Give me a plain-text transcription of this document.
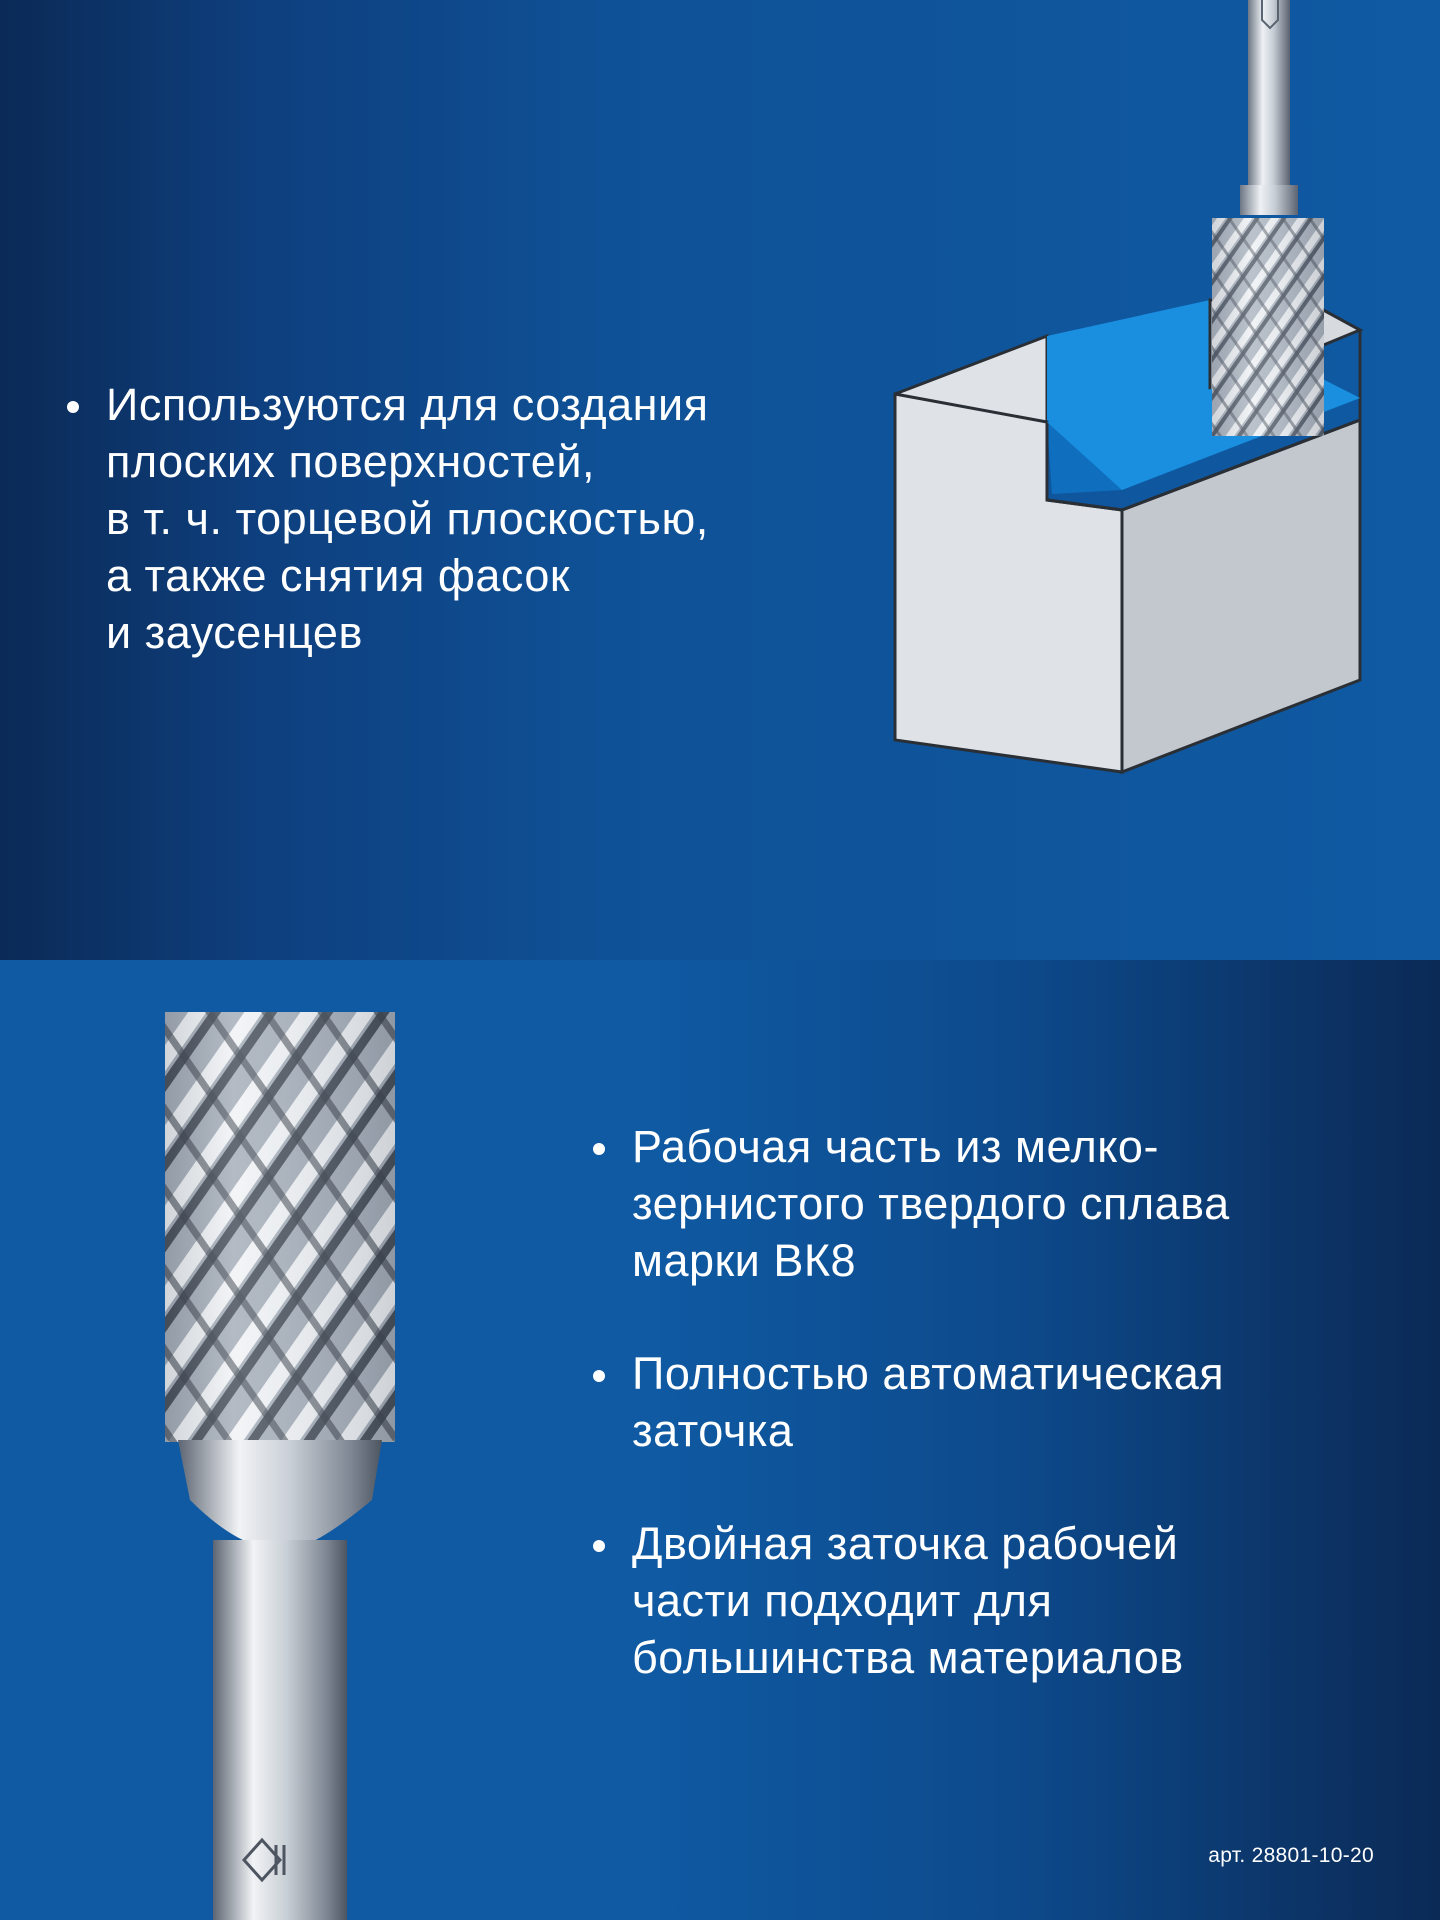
Используются для создания
плоских поверхностей,
в т. ч. торцевой плоскостью,
а также снятия фасок
и заусенцев
Рабочая часть из мелко-
зернистого твердого сплава
марки ВК8
Полностью автоматическая
заточка
Двойная заточка рабочей
части подходит для
большинства материалов
арт. 28801-10-20
